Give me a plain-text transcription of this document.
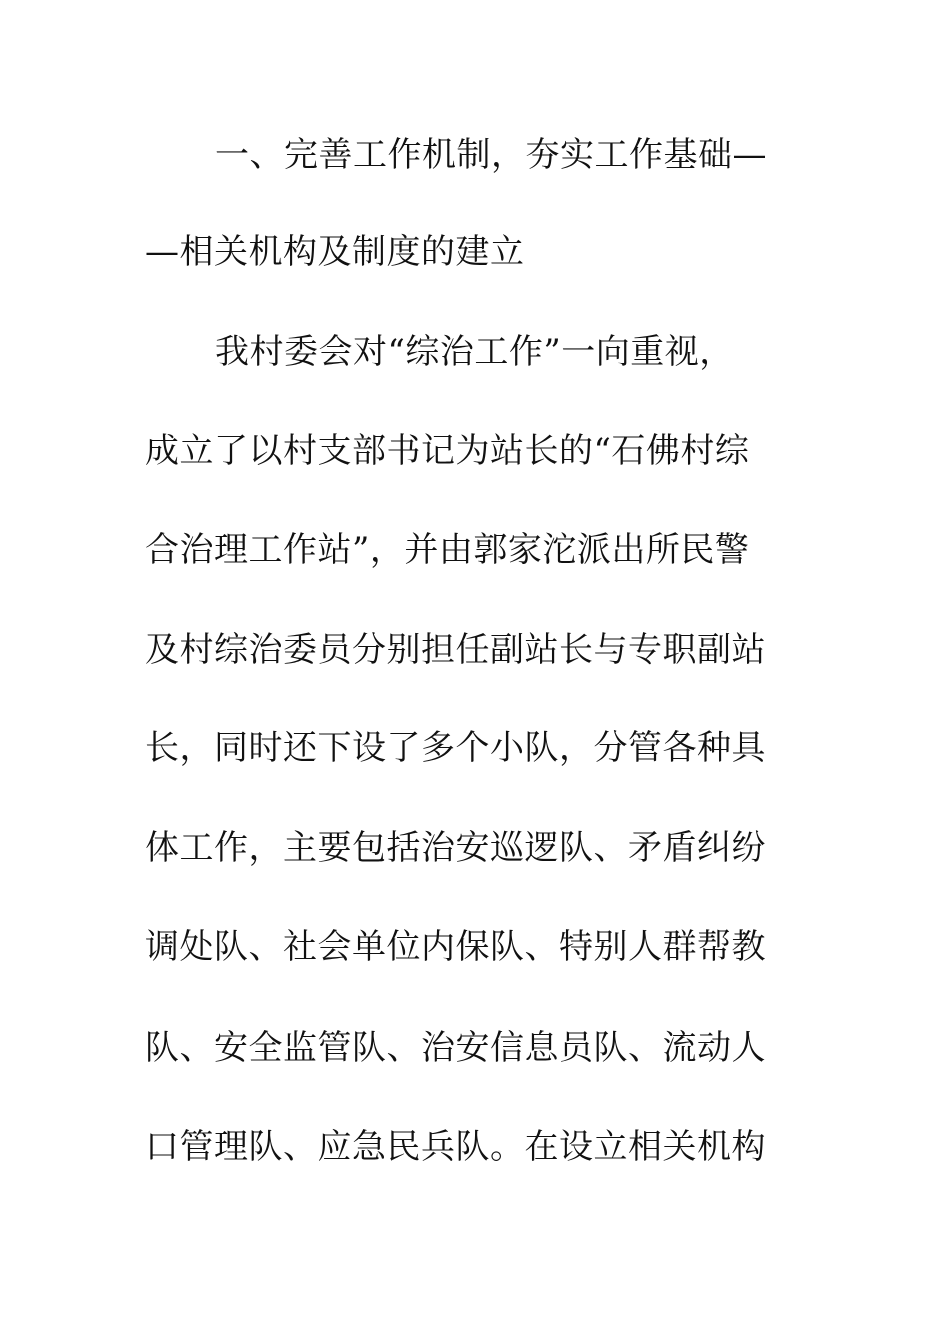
一、完善工作机制，夯实工作基础—
—相关机构及制度的建立
我村委会对“综治工作”一向重视，
成立了以村支部书记为站长的“石佛村综
合治理工作站”，并由郭家沱派出所民警
及村综治委员分别担任副站长与专职副站
长，同时还下设了多个小队，分管各种具
体工作，主要包括治安巡逻队、矛盾纠纷
调处队、社会单位内保队、特别人群帮教
队、安全监管队、治安信息员队、流动人
口管理队、应急民兵队。在设立相关机构
